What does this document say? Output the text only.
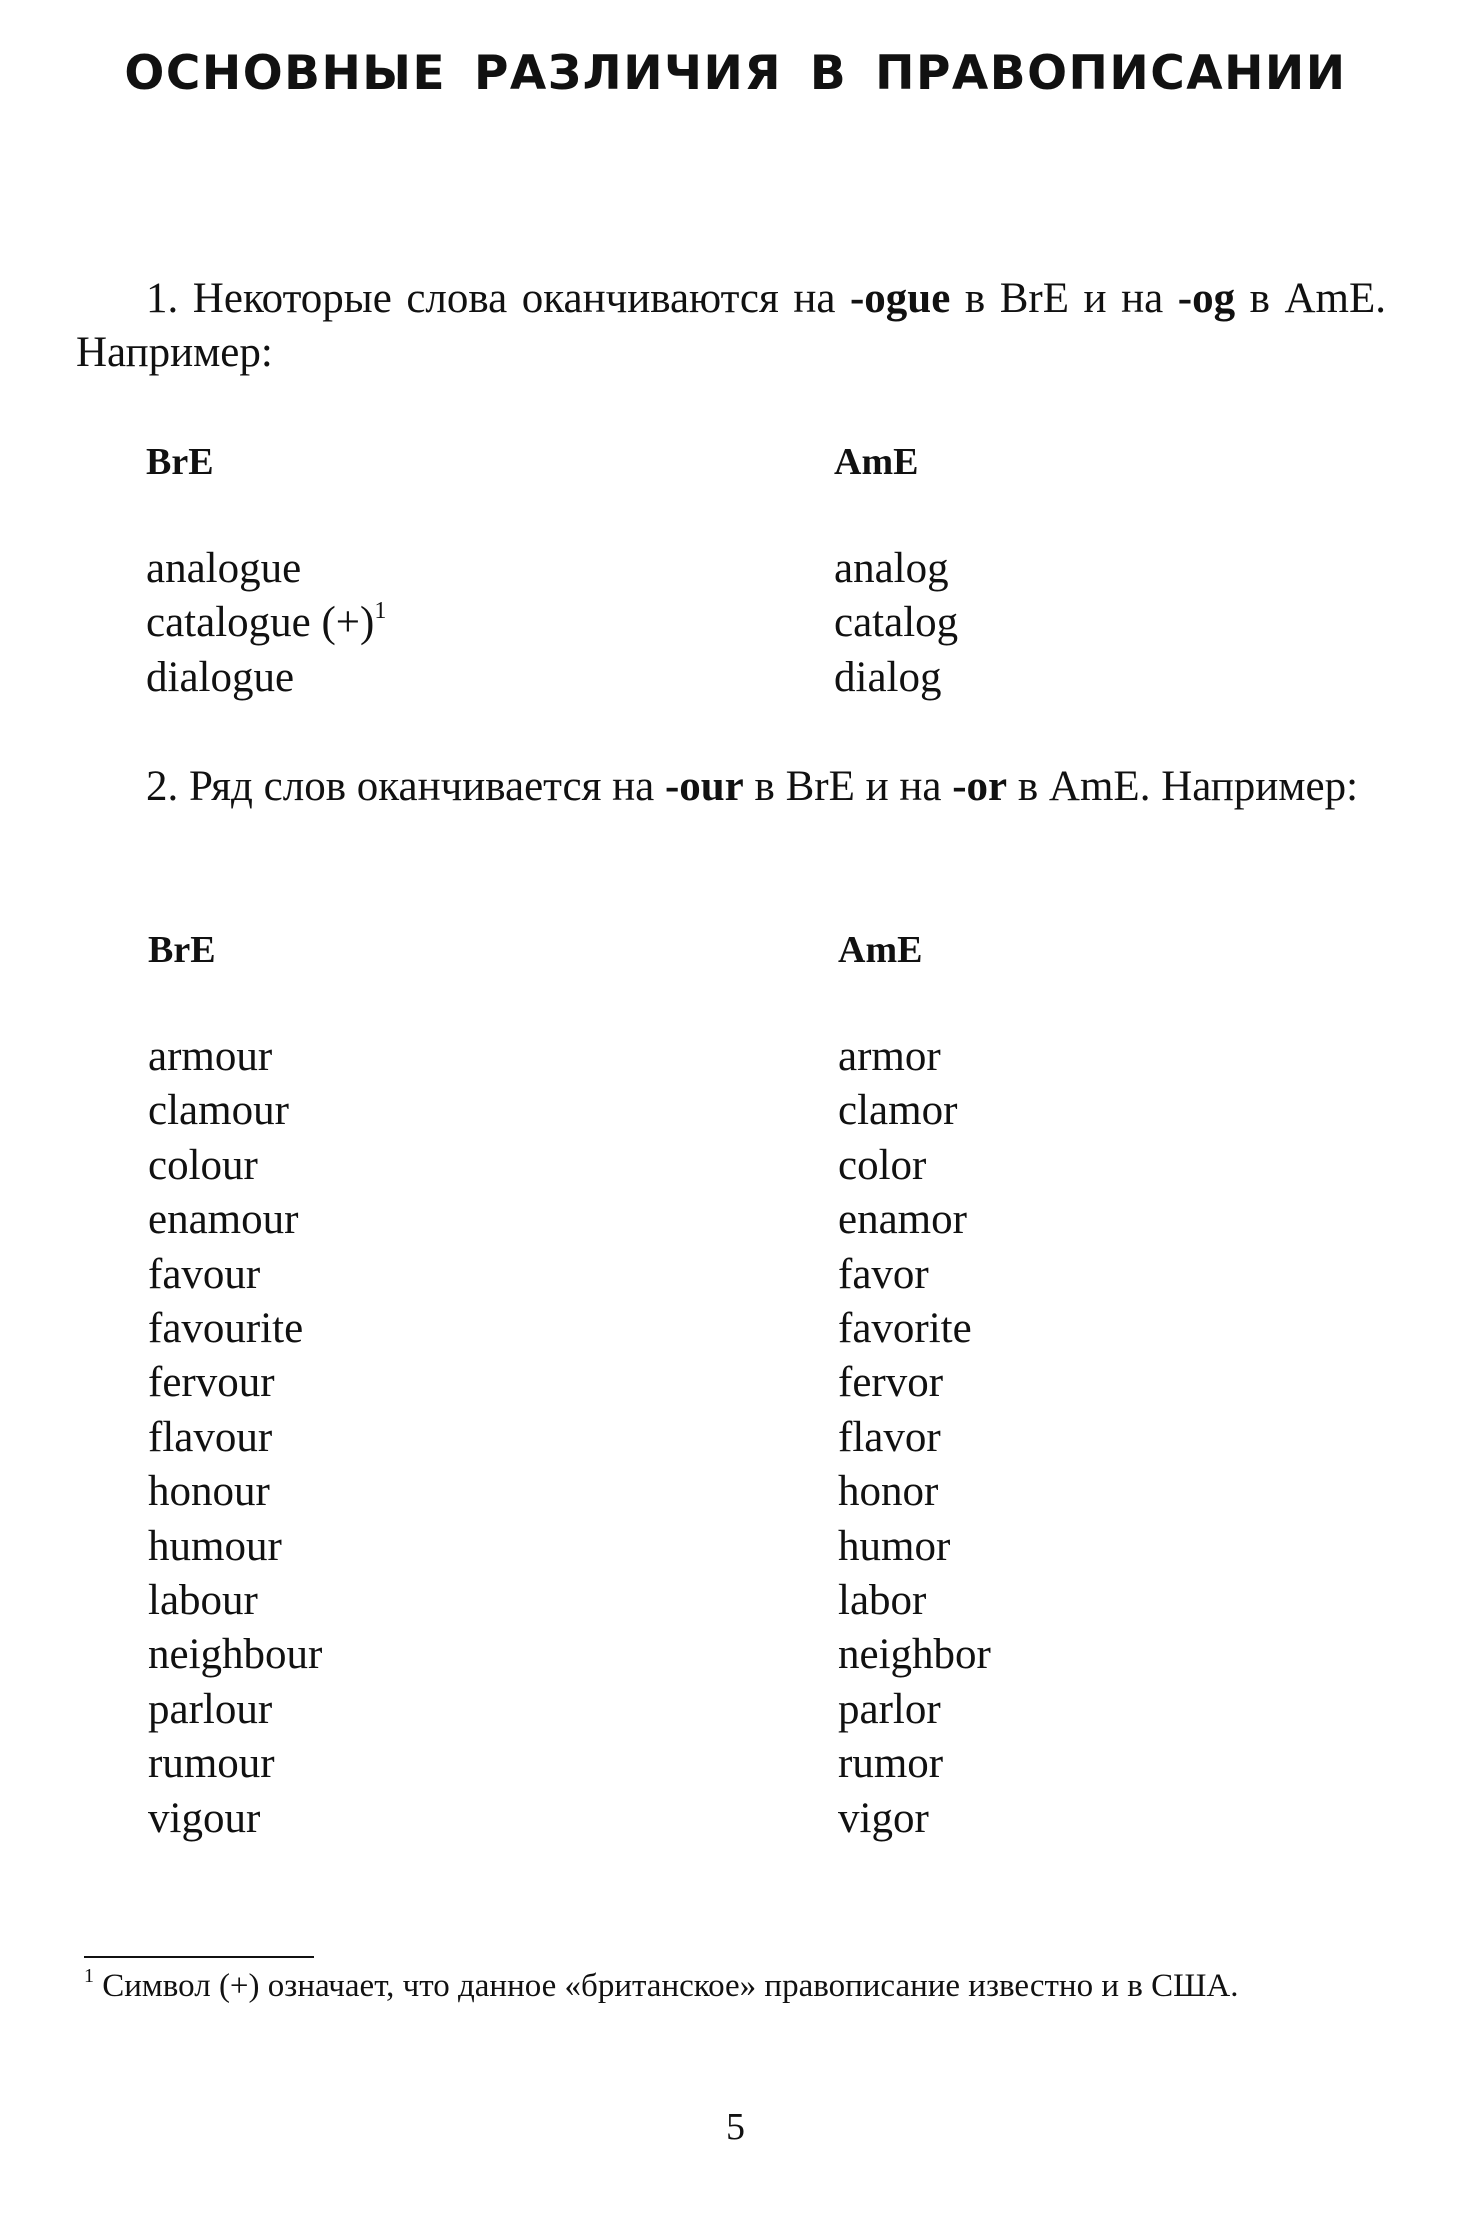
ОСНОВНЫЕ РАЗЛИЧИЯ В ПРАВОПИСАНИИ

1. Некоторые слова оканчиваются на -ogue в BrE и на -og в AmE. Например:

BrE	AmE

analogue
catalogue (+)$^1$
dialogue
analog
catalog
dialog

2. Ряд слов оканчивается на -our в BrE и на -or в AmE. Например:

BrE	AmE

armour
clamour
colour
enamour
favour
favourite
fervour
flavour
honour
humour
labour
neighbour
parlour
rumour
vigour
armor
clamor
color
enamor
favor
favorite
fervor
flavor
honor
humor
labor
neighbor
parlor
rumor
vigor

$^1$ Символ (+) означает, что данное «британское» правописание известно и в США.

5
